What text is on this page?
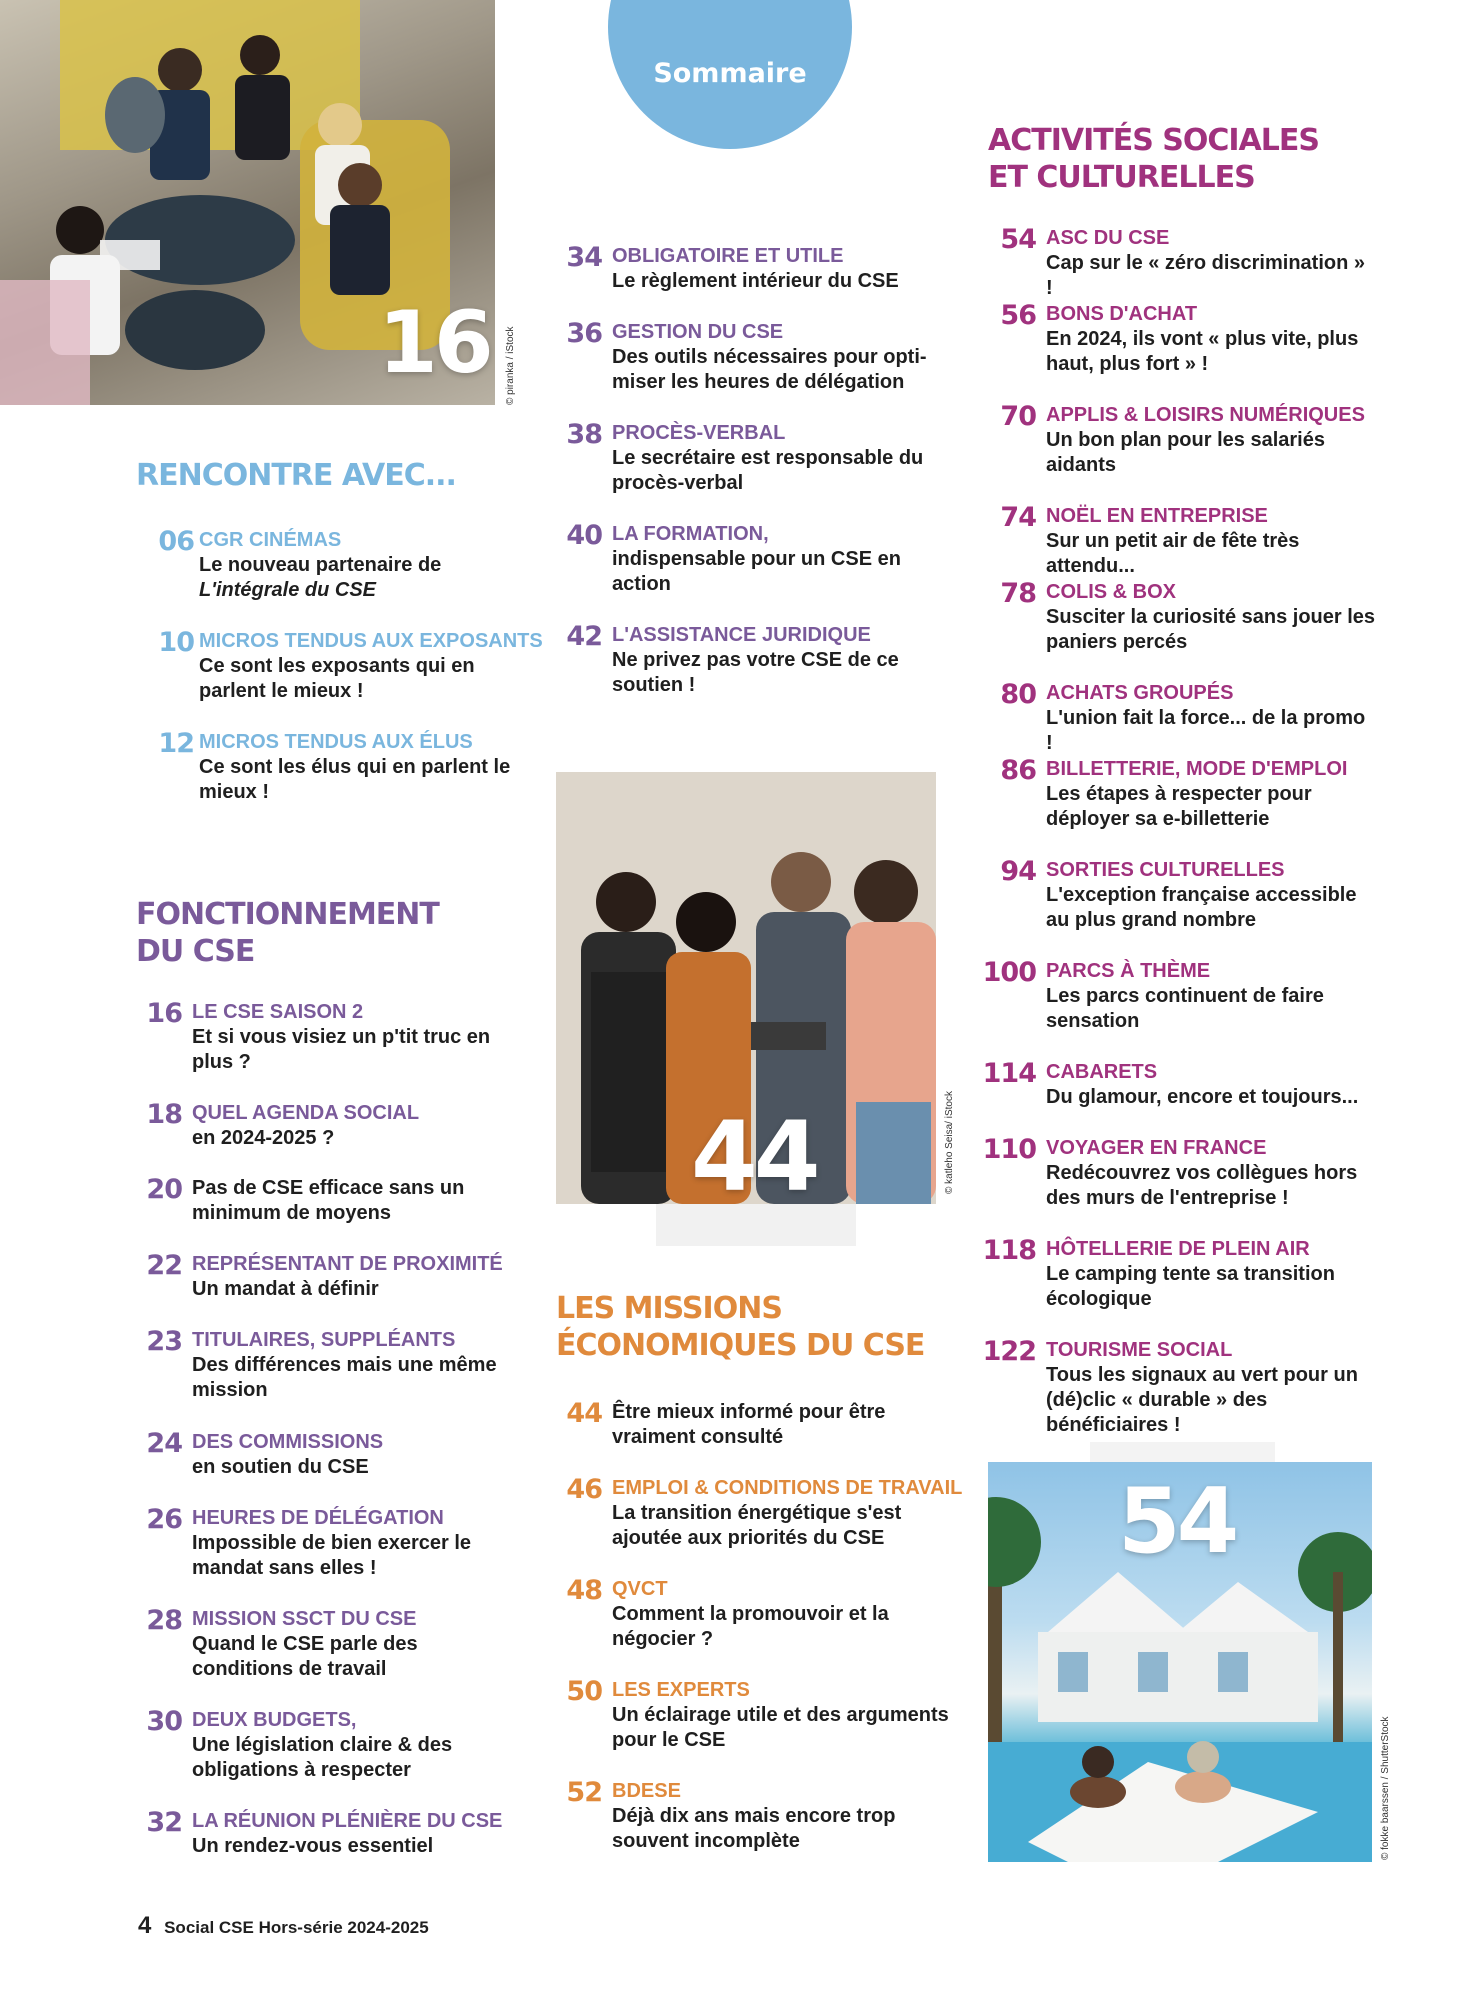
16 © piranka / iStock
Sommaire
RENCONTRE AVEC...
06 CGR CINÉMAS
Le nouveau partenaire de L'intégrale du CSE
10 MICROS TENDUS AUX EXPOSANTS
Ce sont les exposants qui en parlent le mieux !
12 MICROS TENDUS AUX ÉLUS
Ce sont les élus qui en parlent le mieux !
FONCTIONNEMENT
DU CSE
16 LE CSE SAISON 2
Et si vous visiez un p'tit truc en plus ?
18 QUEL AGENDA SOCIAL
en 2024-2025 ?
20 Pas de CSE efficace sans un minimum de moyens
22 REPRÉSENTANT DE PROXIMITÉ
Un mandat à définir
23 TITULAIRES, SUPPLÉANTS
Des différences mais une même mission
24 DES COMMISSIONS
en soutien du CSE
26 HEURES DE DÉLÉGATION
Impossible de bien exercer le mandat sans elles !
28 MISSION SSCT DU CSE
Quand le CSE parle des conditions de travail
30 DEUX BUDGETS,
Une législation claire & des obligations à respecter
32 LA RÉUNION PLÉNIÈRE DU CSE
Un rendez-vous essentiel
34 OBLIGATOIRE ET UTILE
Le règlement intérieur du CSE
36 GESTION DU CSE
Des outils nécessaires pour opti-miser les heures de délégation
38 PROCÈS-VERBAL
Le secrétaire est responsable du procès-verbal
40 LA FORMATION,
indispensable pour un CSE en action
42 L'ASSISTANCE JURIDIQUE
Ne privez pas votre CSE de ce soutien !
44	© katleho Seisa/ iStock
LES MISSIONS
ÉCONOMIQUES DU CSE
44 Être mieux informé pour être vraiment consulté
46 EMPLOI & CONDITIONS DE TRAVAIL
La transition énergétique s'est ajoutée aux priorités du CSE
48 QVCT
Comment la promouvoir et la négocier ?
50 LES EXPERTS
Un éclairage utile et des arguments pour le CSE
52 BDESE
Déjà dix ans mais encore trop souvent incomplète
ACTIVITÉS SOCIALES
ET CULTURELLES
54 ASC DU CSE
Cap sur le « zéro discrimination » !
56 BONS D'ACHAT
En 2024, ils vont « plus vite, plus haut, plus fort » !
70 APPLIS & LOISIRS NUMÉRIQUES
Un bon plan pour les salariés aidants
74 NOËL EN ENTREPRISE
Sur un petit air de fête très attendu...
78 COLIS & BOX
Susciter la curiosité sans jouer les paniers percés
80 ACHATS GROUPÉS
L'union fait la force... de la promo !
86 BILLETTERIE, MODE D'EMPLOI
Les étapes à respecter pour déployer sa e-billetterie
94 SORTIES CULTURELLES
L'exception française accessible au plus grand nombre
100 PARCS À THÈME
Les parcs continuent de faire sensation
114 CABARETS
Du glamour, encore et toujours...
110 VOYAGER EN FRANCE
Redécouvrez vos collègues hors des murs de l'entreprise !
118 HÔTELLERIE DE PLEIN AIR
Le camping tente sa transition écologique
122 TOURISME SOCIAL
Tous les signaux au vert pour un (dé)clic « durable » des bénéficiaires !
54
© fokke baarssen / ShutterStock
4 Social CSE Hors-série 2024-2025
